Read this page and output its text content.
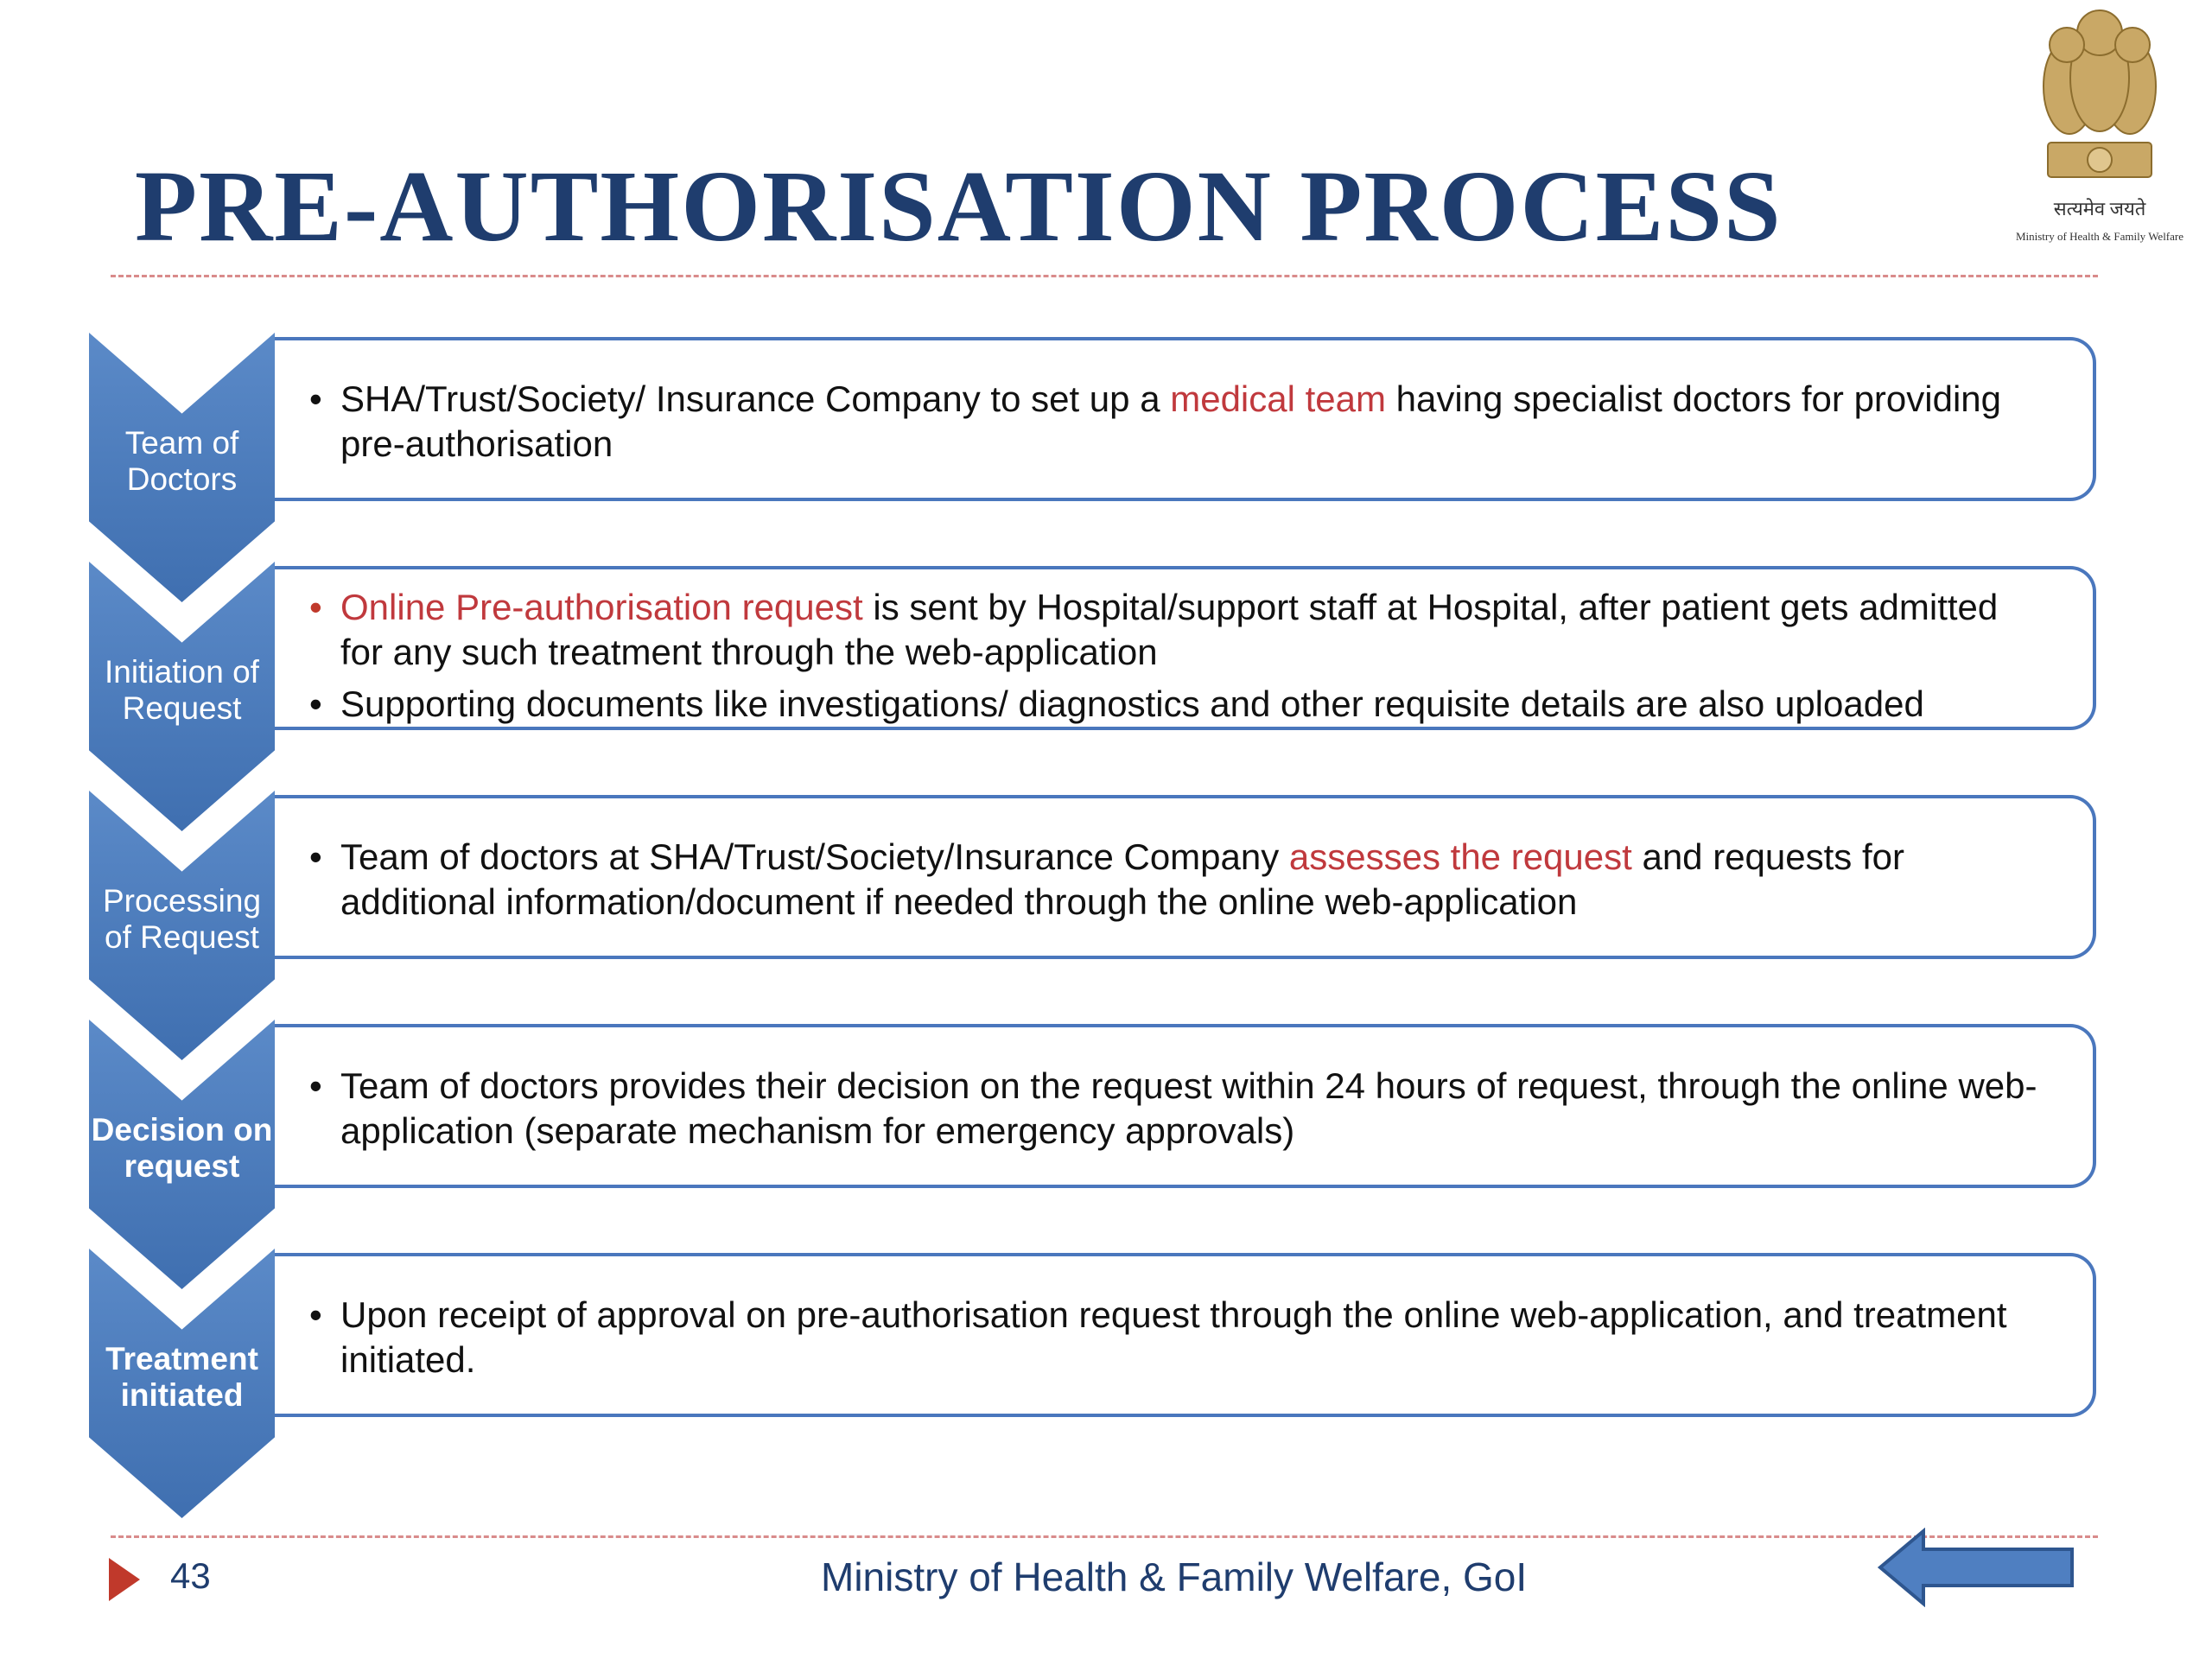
PRE-AUTHORISATION PROCESS	सत्यमेव जयते
Ministry of Health & Family Welfare
Team of Doctors
• SHA/Trust/Society/ Insurance Company to set up a medical team having specialist doctors for providing pre-authorisation
Initiation of Request
• Online Pre-authorisation request is sent by Hospital/support staff at Hospital, after patient gets admitted for any such treatment through the web-application
• Supporting documents like investigations/ diagnostics and other requisite details are also uploaded
Processing of Request
• Team of doctors at SHA/Trust/Society/Insurance Company assesses the request and requests for additional information/document if needed through the online web-application
Decision on request
• Team of doctors provides their decision on the request within 24 hours of request, through the online web-application (separate mechanism for emergency approvals)
Treatment initiated
• Upon receipt of approval on pre-authorisation request through the online web-application, and treatment initiated.
43	Ministry of Health & Family Welfare, GoI
